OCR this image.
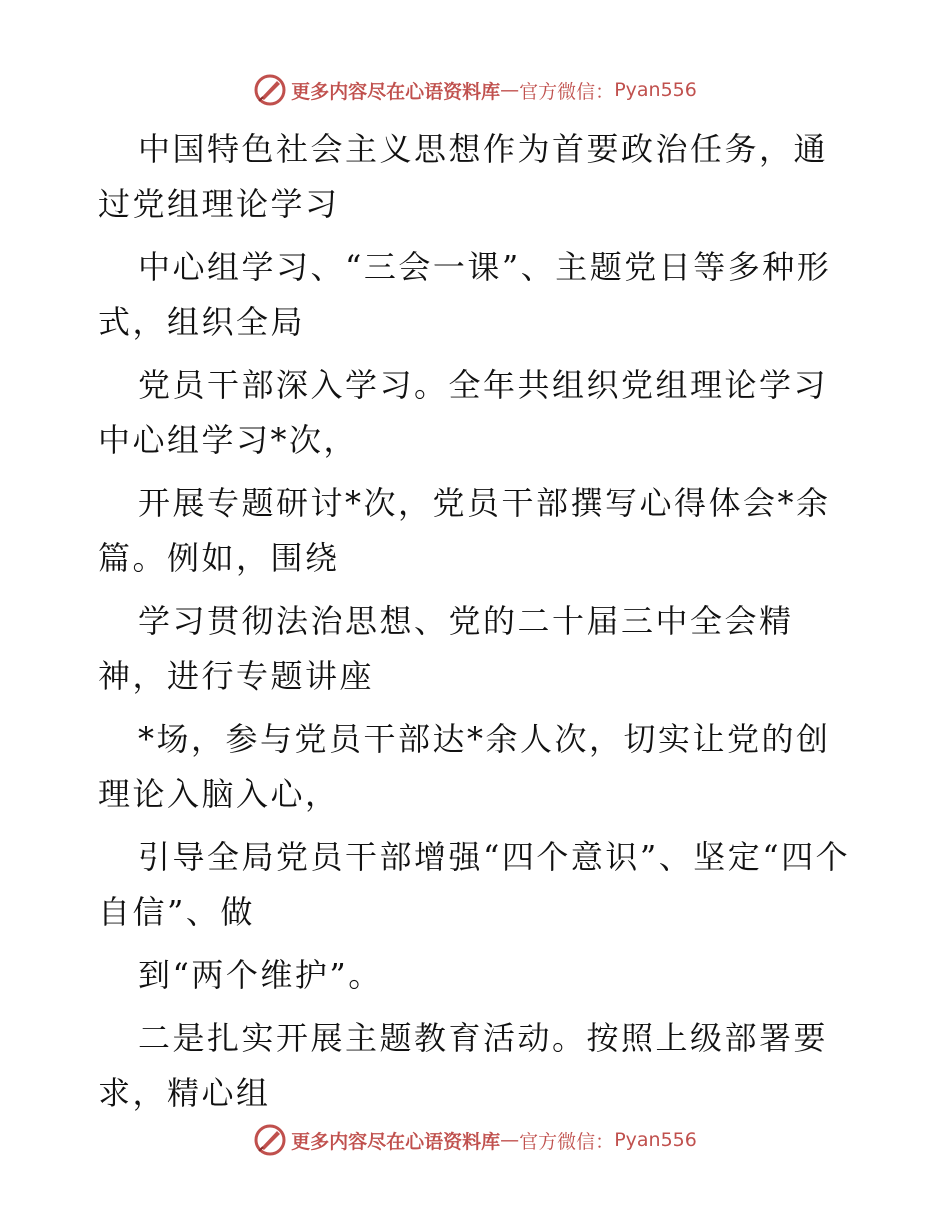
更多内容尽在心语资料库 — 官方微信： Pyan556

中国特色社会主义思想作为首要政治任务，通过党组理论学习

中心组学习、“三会一课”、主题党日等多种形式，组织全局

党员干部深入学习。全年共组织党组理论学习中心组学习*次，

开展专题研讨*次，党员干部撰写心得体会*余篇。例如，围绕

学习贯彻法治思想、党的二十届三中全会精神，进行专题讲座

*场，参与党员干部达*余人次，切实让党的创理论入脑入心，

引导全局党员干部增强“四个意识”、坚定“四个自信”、做

到“两个维护”。

二是扎实开展主题教育活动。按照上级部署要求，精心组

更多内容尽在心语资料库 — 官方微信： Pyan556
